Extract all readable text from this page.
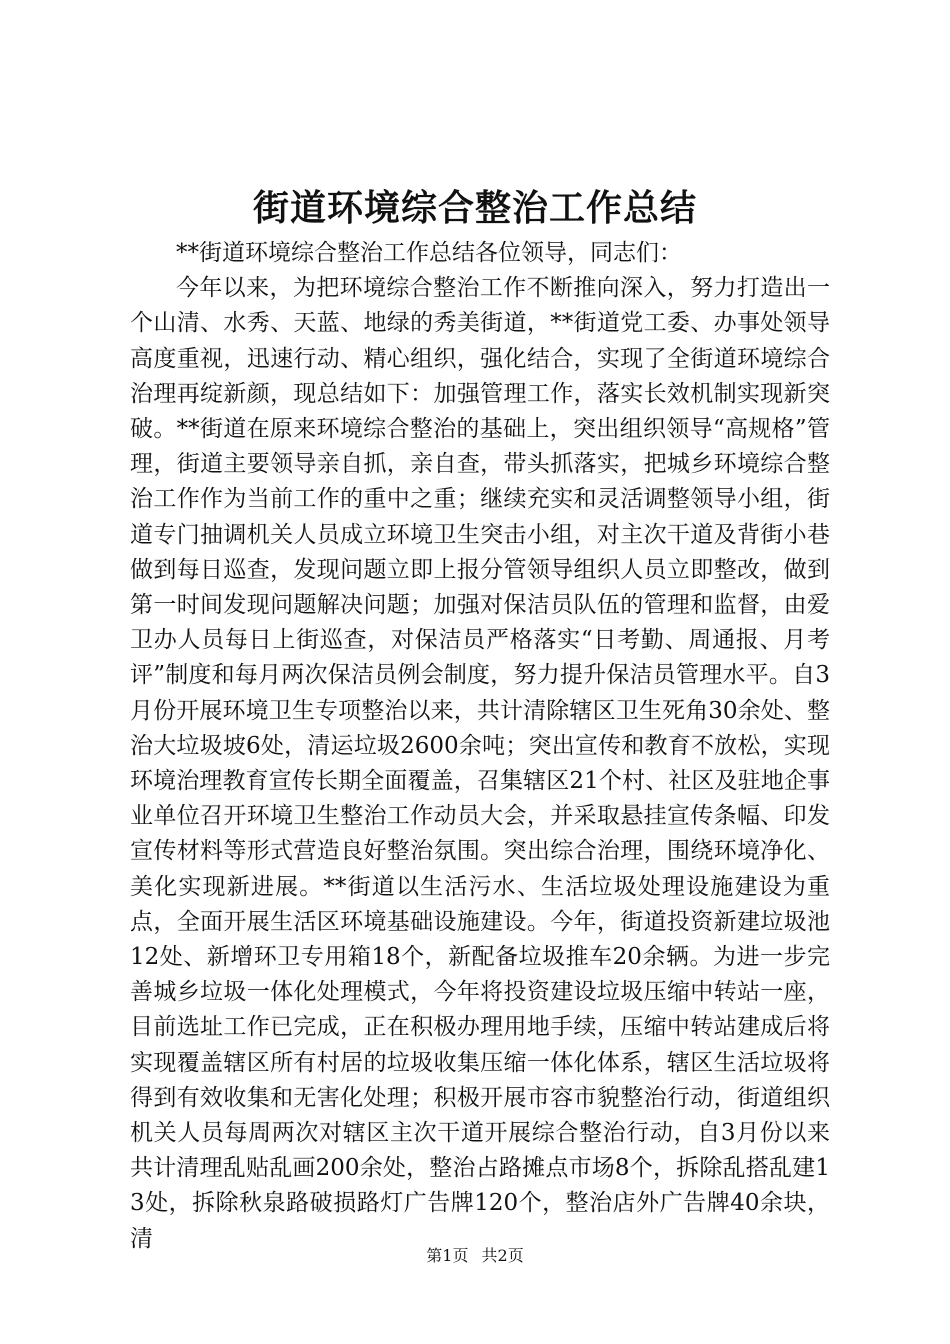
街道环境综合整治工作总结

**街道环境综合整治工作总结各位领导，同志们：

今年以来，为把环境综合整治工作不断推向深入，努力打造出一个山清、水秀、天蓝、地绿的秀美街道，**街道党工委、办事处领导高度重视，迅速行动、精心组织，强化结合，实现了全街道环境综合治理再绽新颜，现总结如下：加强管理工作，落实长效机制实现新突破。**街道在原来环境综合整治的基础上，突出组织领导“高规格”管理，街道主要领导亲自抓，亲自查，带头抓落实，把城乡环境综合整治工作作为当前工作的重中之重；继续充实和灵活调整领导小组，街道专门抽调机关人员成立环境卫生突击小组，对主次干道及背街小巷做到每日巡查，发现问题立即上报分管领导组织人员立即整改，做到第一时间发现问题解决问题；加强对保洁员队伍的管理和监督，由爱卫办人员每日上街巡查，对保洁员严格落实“日考勤、周通报、月考评”制度和每月两次保洁员例会制度，努力提升保洁员管理水平。自3月份开展环境卫生专项整治以来，共计清除辖区卫生死角30余处、整治大垃圾坡6处，清运垃圾2600余吨；突出宣传和教育不放松，实现环境治理教育宣传长期全面覆盖，召集辖区21个村、社区及驻地企事业单位召开环境卫生整治工作动员大会，并采取悬挂宣传条幅、印发宣传材料等形式营造良好整治氛围。突出综合治理，围绕环境净化、美化实现新进展。**街道以生活污水、生活垃圾处理设施建设为重点，全面开展生活区环境基础设施建设。今年，街道投资新建垃圾池12处、新增环卫专用箱18个，新配备垃圾推车20余辆。为进一步完善城乡垃圾一体化处理模式，今年将投资建设垃圾压缩中转站一座，目前选址工作已完成，正在积极办理用地手续，压缩中转站建成后将实现覆盖辖区所有村居的垃圾收集压缩一体化体系，辖区生活垃圾将得到有效收集和无害化处理；积极开展市容市貌整治行动，街道组织机关人员每周两次对辖区主次干道开展综合整治行动，自3月份以来共计清理乱贴乱画200余处，整治占路摊点市场8个，拆除乱搭乱建13处，拆除秋泉路破损路灯广告牌120个，整治店外广告牌40余块，清

第1页 共2页
